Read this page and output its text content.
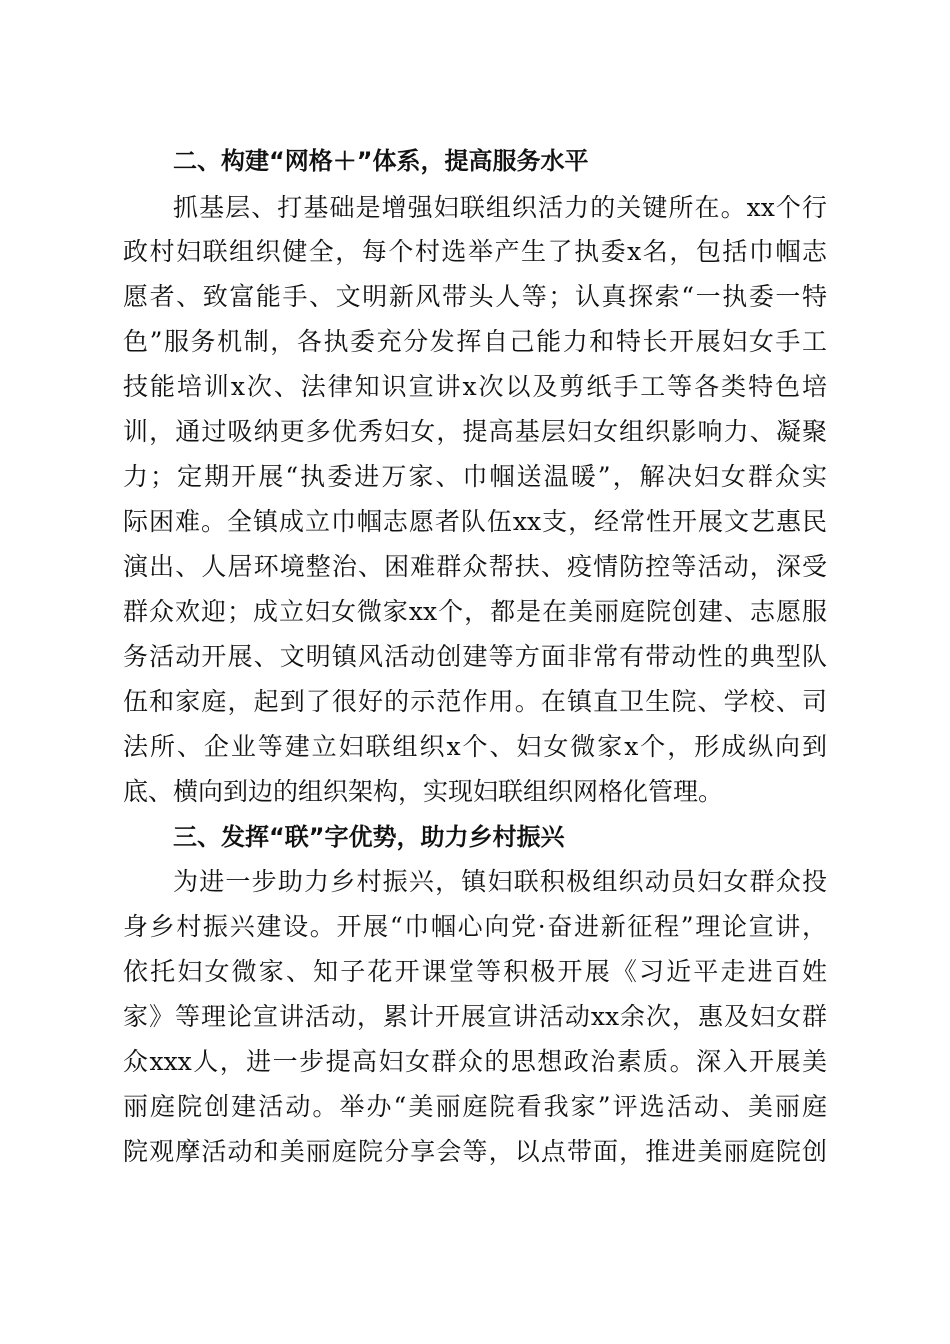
二、构建“网格＋”体系，提高服务水平
抓基层、打基础是增强妇联组织活力的关键所在。xx个行
政村妇联组织健全，每个村选举产生了执委x名，包括巾帼志
愿者、致富能手、文明新风带头人等；认真探索“一执委一特
色”服务机制，各执委充分发挥自己能力和特长开展妇女手工
技能培训x次、法律知识宣讲x次以及剪纸手工等各类特色培
训，通过吸纳更多优秀妇女，提高基层妇女组织影响力、凝聚
力；定期开展“执委进万家、巾帼送温暖”，解决妇女群众实
际困难。全镇成立巾帼志愿者队伍xx支，经常性开展文艺惠民
演出、人居环境整治、困难群众帮扶、疫情防控等活动，深受
群众欢迎；成立妇女微家xx个，都是在美丽庭院创建、志愿服
务活动开展、文明镇风活动创建等方面非常有带动性的典型队
伍和家庭，起到了很好的示范作用。在镇直卫生院、学校、司
法所、企业等建立妇联组织x个、妇女微家x个，形成纵向到
底、横向到边的组织架构，实现妇联组织网格化管理。
三、发挥“联”字优势，助力乡村振兴
为进一步助力乡村振兴，镇妇联积极组织动员妇女群众投
身乡村振兴建设。开展“巾帼心向党·奋进新征程”理论宣讲，
依托妇女微家、知子花开课堂等积极开展《习近平走进百姓
家》等理论宣讲活动，累计开展宣讲活动xx余次，惠及妇女群
众xxx人，进一步提高妇女群众的思想政治素质。深入开展美
丽庭院创建活动。举办“美丽庭院看我家”评选活动、美丽庭
院观摩活动和美丽庭院分享会等，以点带面，推进美丽庭院创
